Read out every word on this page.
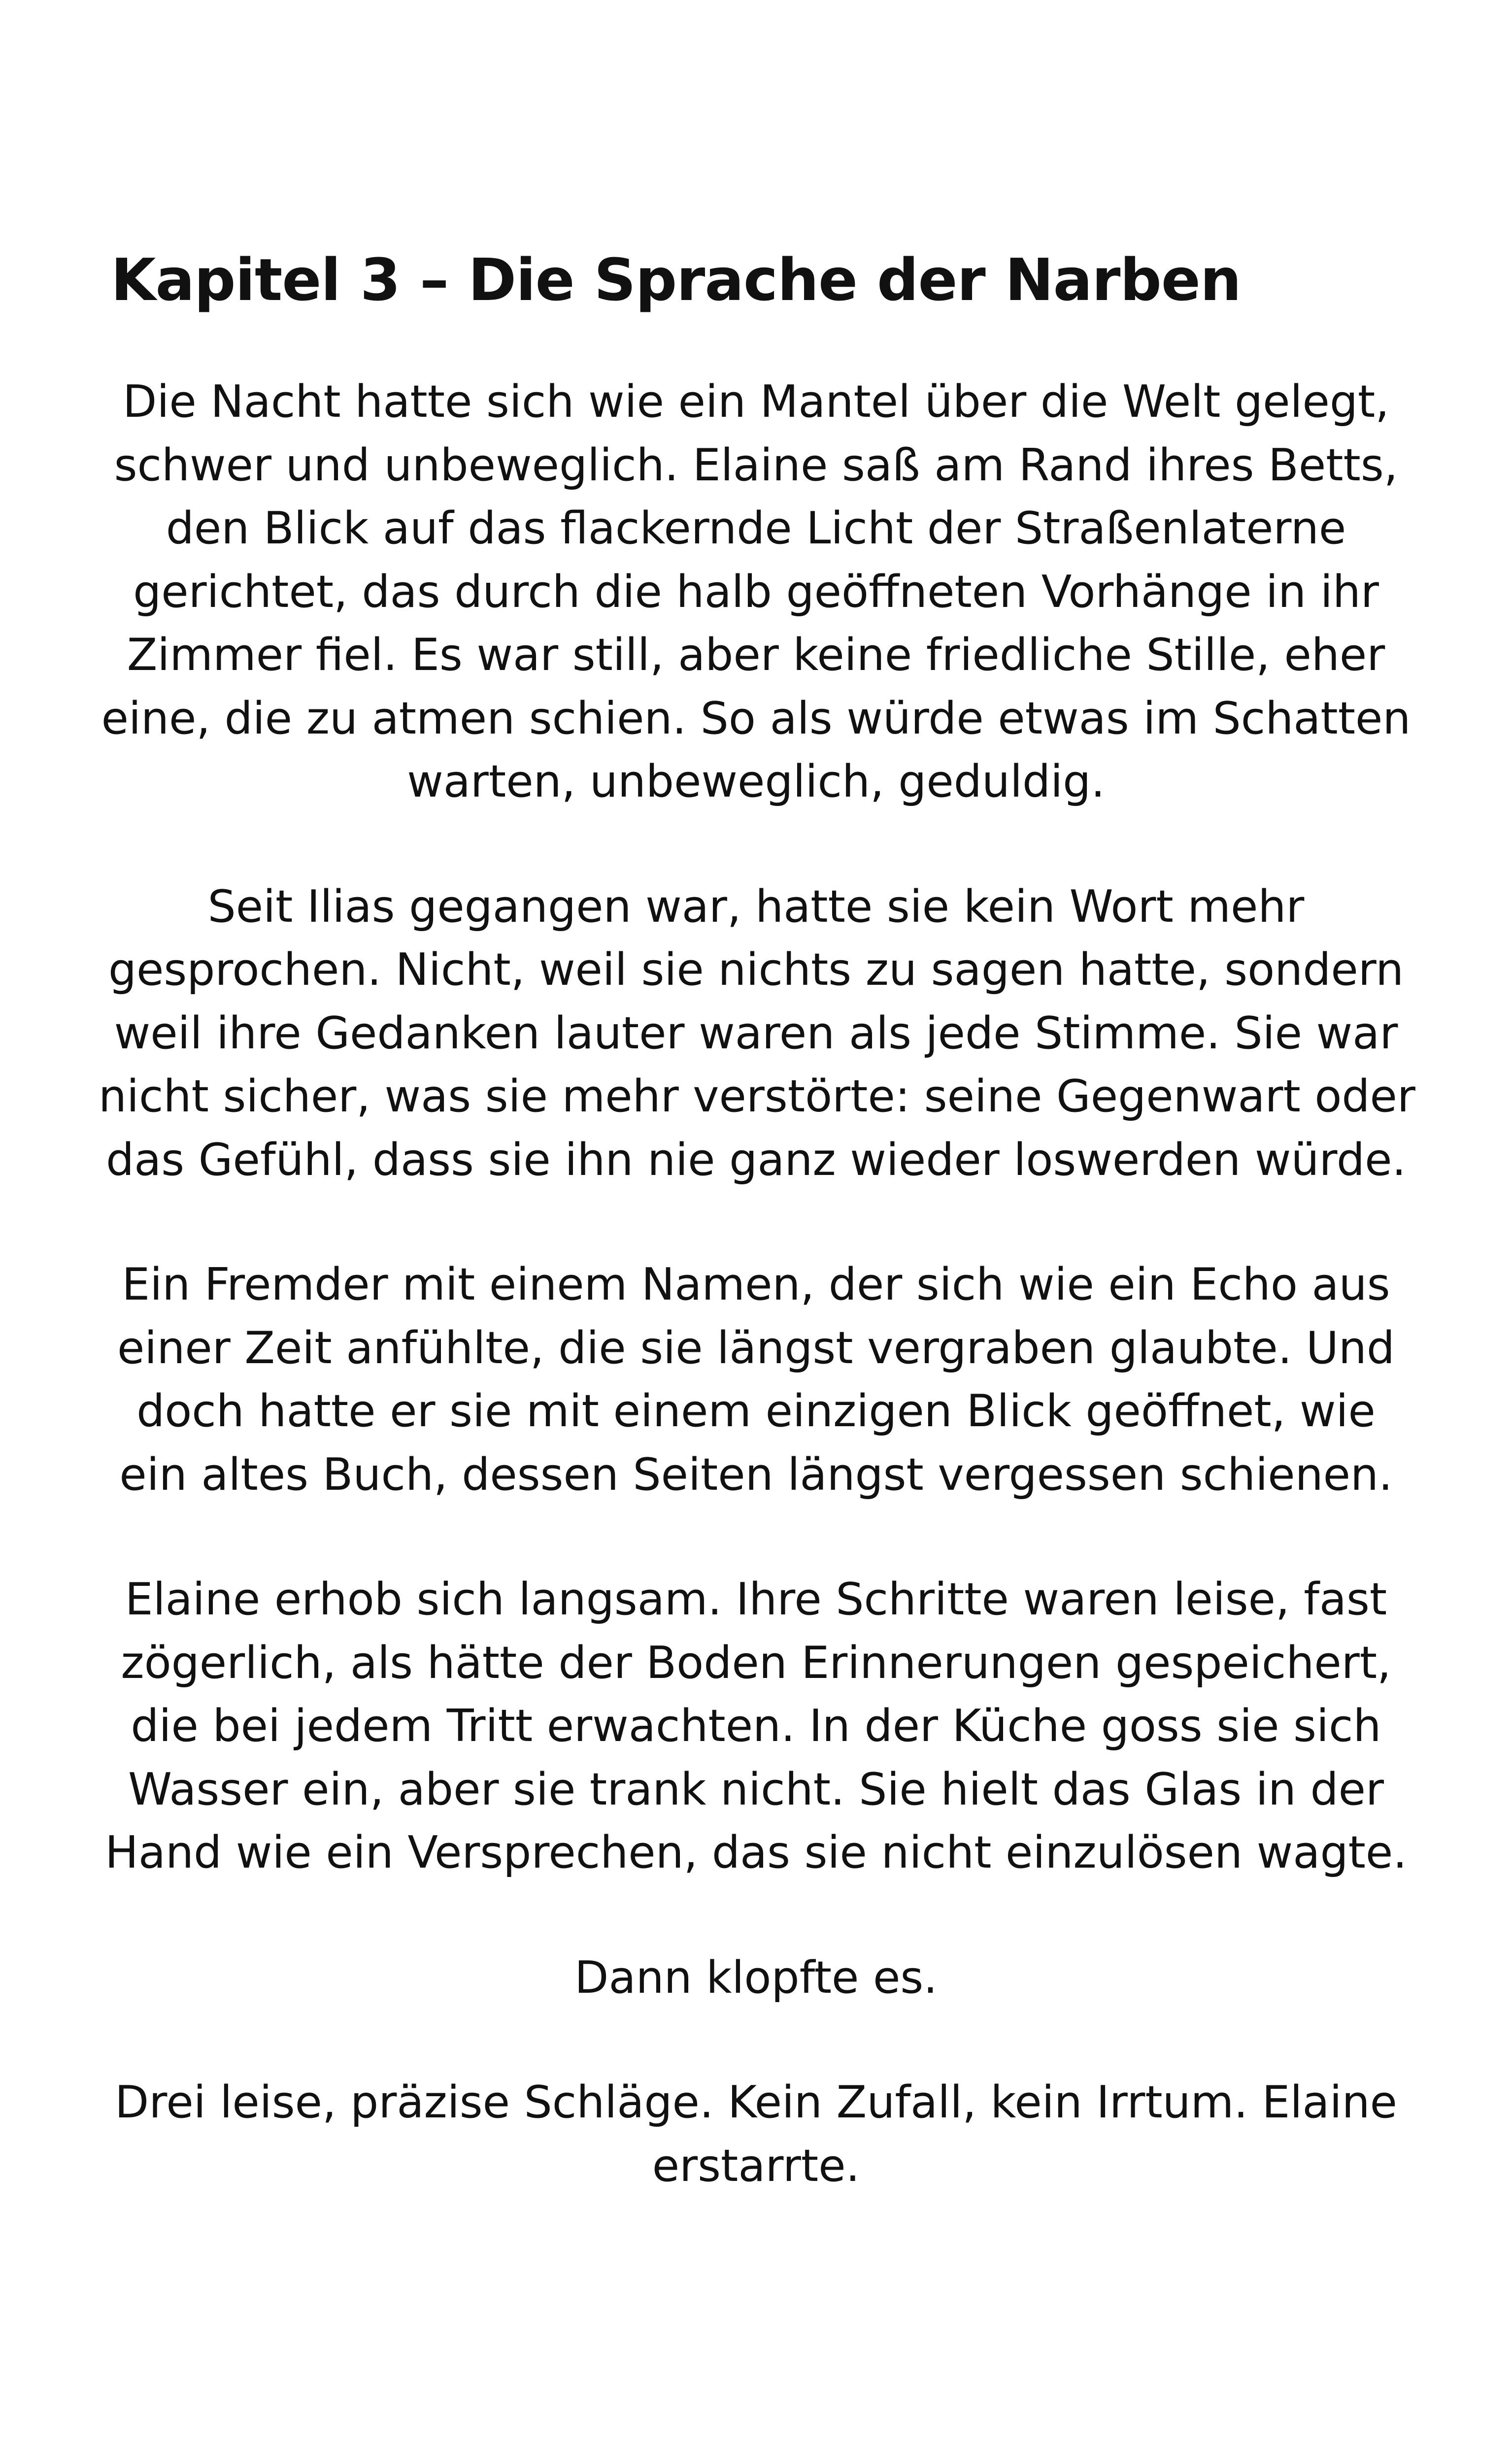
Kapitel 3 – Die Sprache der Narben

Die Nacht hatte sich wie ein Mantel über die Welt gelegt,
schwer und unbeweglich. Elaine saß am Rand ihres Betts,
den Blick auf das flackernde Licht der Straßenlaterne
gerichtet, das durch die halb geöffneten Vorhänge in ihr
Zimmer fiel. Es war still, aber keine friedliche Stille, eher
eine, die zu atmen schien. So als würde etwas im Schatten
warten, unbeweglich, geduldig.

Seit Ilias gegangen war, hatte sie kein Wort mehr
gesprochen. Nicht, weil sie nichts zu sagen hatte, sondern
weil ihre Gedanken lauter waren als jede Stimme. Sie war
nicht sicher, was sie mehr verstörte: seine Gegenwart oder
das Gefühl, dass sie ihn nie ganz wieder loswerden würde.

Ein Fremder mit einem Namen, der sich wie ein Echo aus
einer Zeit anfühlte, die sie längst vergraben glaubte. Und
doch hatte er sie mit einem einzigen Blick geöffnet, wie
ein altes Buch, dessen Seiten längst vergessen schienen.

Elaine erhob sich langsam. Ihre Schritte waren leise, fast
zögerlich, als hätte der Boden Erinnerungen gespeichert,
die bei jedem Tritt erwachten. In der Küche goss sie sich
Wasser ein, aber sie trank nicht. Sie hielt das Glas in der
Hand wie ein Versprechen, das sie nicht einzulösen wagte.

Dann klopfte es.

Drei leise, präzise Schläge. Kein Zufall, kein Irrtum. Elaine
erstarrte.
